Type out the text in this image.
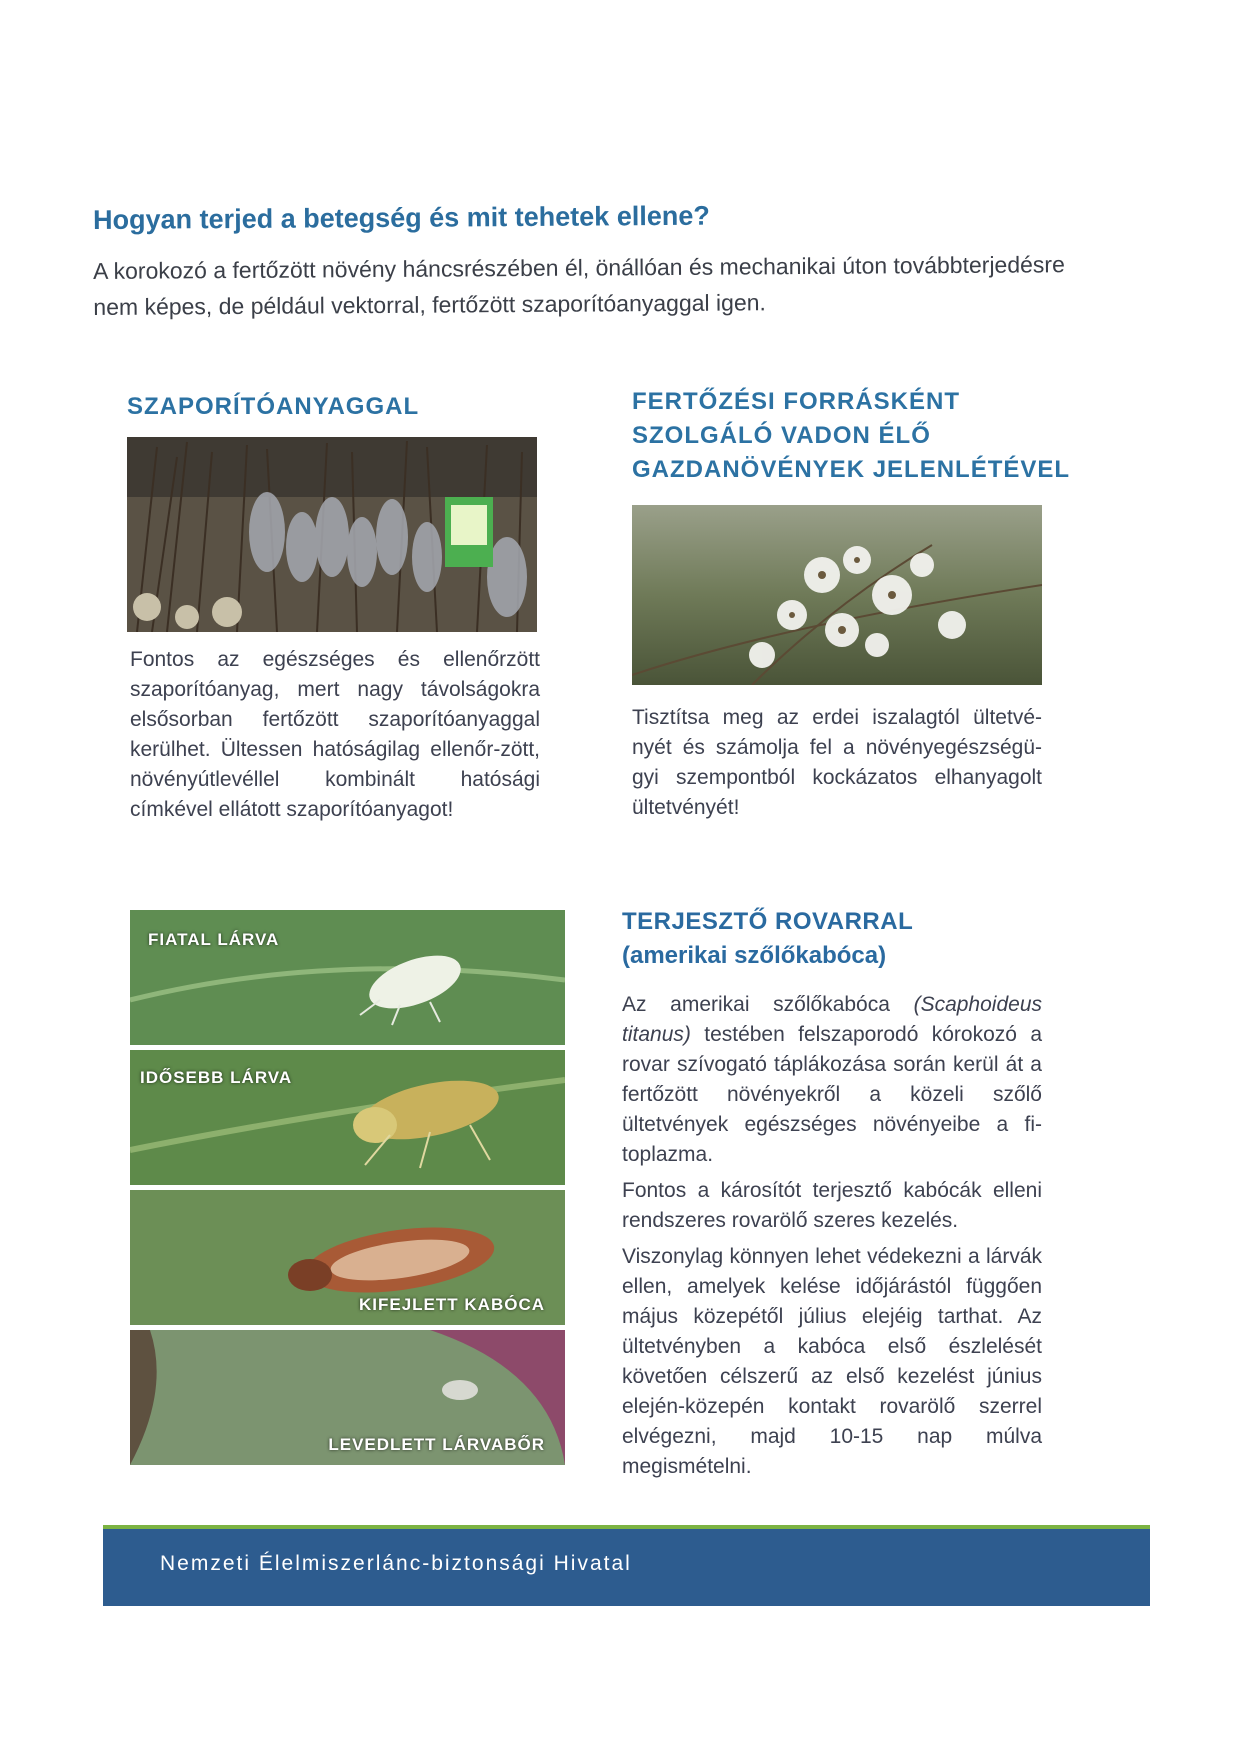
Hogyan terjed a betegség és mit tehetek ellene?
A korokozó a fertőzött növény háncsrészében él, önállóan és mechanikai úton továbbterjedésre nem képes, de például vektorral, fertőzött szaporítóanyaggal igen.
SZAPORÍTÓANYAGGAL
Fontos az egészséges és ellenőrzött szaporítóanyag, mert nagy távolságokra elsősorban fertőzött szaporítóanyaggal kerülhet. Ültessen hatóságilag ellenőr-zött, növényútlevéllel kombinált hatósági címkével ellátott szaporítóanyagot!
FERTŐZÉSI FORRÁSKÉNT
SZOLGÁLÓ VADON ÉLŐ
GAZDANÖVÉNYEK JELENLÉTÉVEL
Tisztítsa meg az erdei iszalagtól ültetvé-nyét és számolja fel a növényegészségü-gyi szempontból kockázatos elhanyagolt ültetvényét!
FIATAL LÁRVA
IDŐSEBB LÁRVA
KIFEJLETT KABÓCA
LEVEDLETT LÁRVABŐR
TERJESZTŐ ROVARRAL
(amerikai szőlőkabóca)

Az amerikai szőlőkabóca (Scaphoideus titanus) testében felszaporodó kórokozó a rovar szívogató táplákozása során kerül át a fertőzött növényekről a közeli szőlő ültetvények egészséges növényeibe a fi-toplazma.

Fontos a károsítót terjesztő kabócák elleni rendszeres rovarölő szeres kezelés.

Viszonylag könnyen lehet védekezni a lárvák ellen, amelyek kelése időjárástól függően május közepétől július elejéig tarthat. Az ültetvényben a kabóca első észlelését követően célszerű az első kezelést június elején-közepén kontakt rovarölő szerrel elvégezni, majd 10-15 nap múlva megismételni.

Nemzeti Élelmiszerlánc-biztonsági Hivatal
